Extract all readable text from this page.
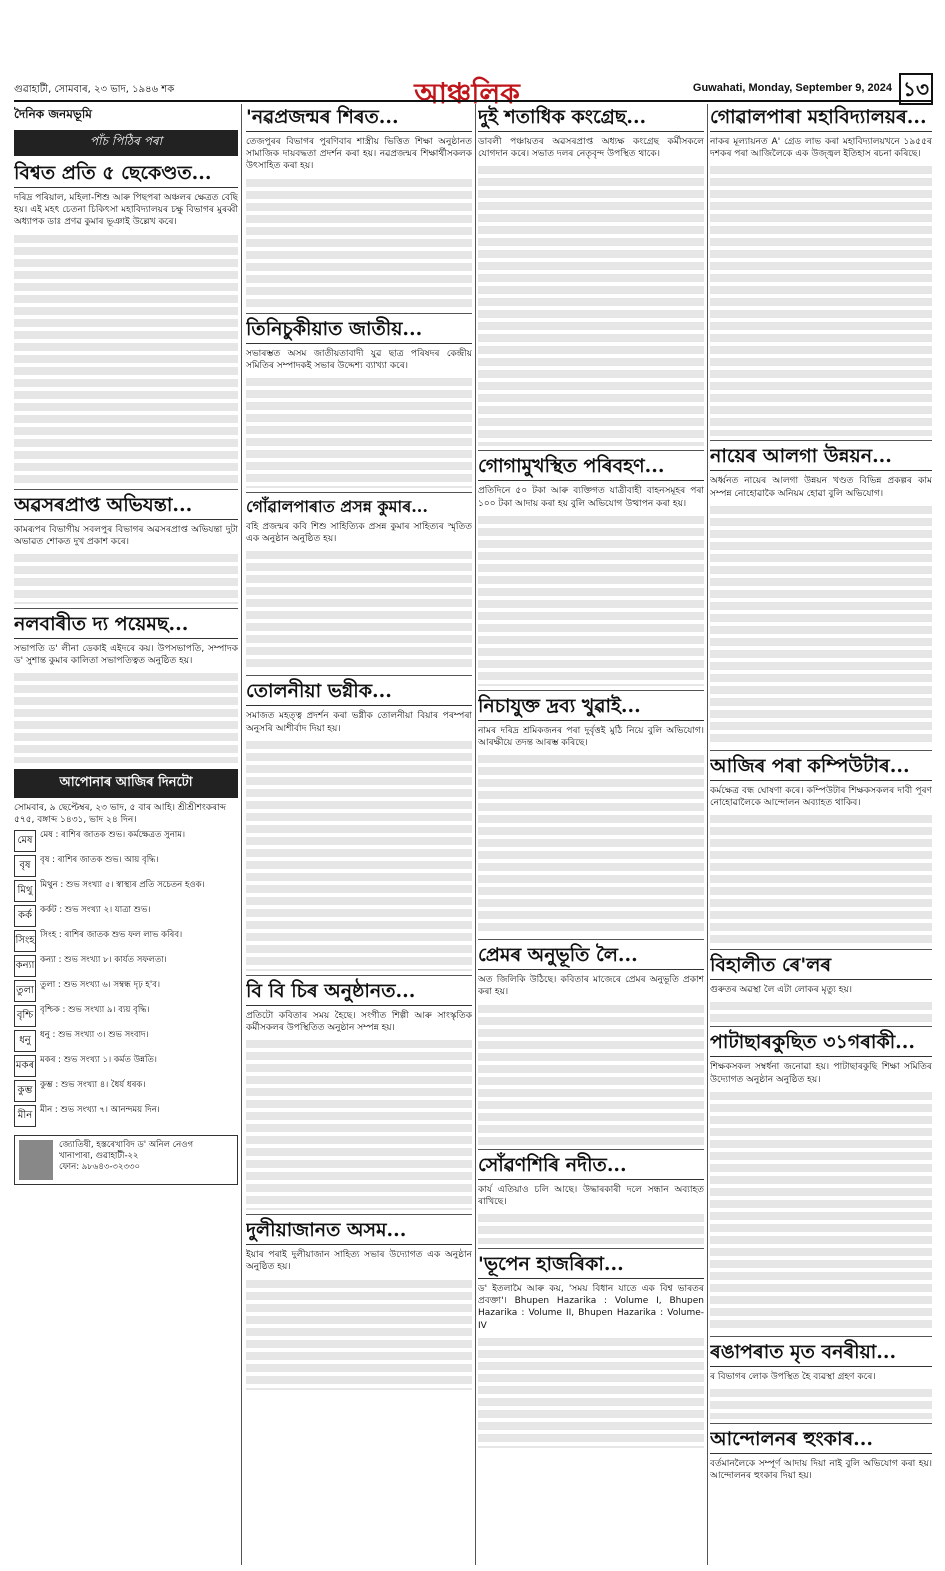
আঞ্চলিক	১৩
গুৱাহাটী, সোমবাৰ, ২৩ ভাদ, ১৯৪৬ শক	Guwahati, Monday, September 9, 2024
দৈনিক জনমভূমি
পাঁচ পিঠিৰ পৰা
বিশ্বত প্ৰতি ৫ ছেকেণ্ডত...

দৰিদ্ৰ পৰিয়াল, মহিলা-শিশু আৰু পিছপৰা অঞ্চলৰ ক্ষেত্ৰত বেছি হয়। এই মহৎ চেতনা চিকিৎসা মহাবিদ্যালয়ৰ চক্ষু বিভাগৰ মুৰব্বী অধ্যাপক ডাঃ প্ৰণৱ কুমাৰ ভূঞাই উল্লেখ কৰে।

অৱসৰপ্ৰাপ্ত অভিযন্তা...

কামৰূপৰ বিভাগীয় সবলপুৰ বিভাগৰ অৱসৰপ্ৰাপ্ত অভিযন্তা দুটা অভাৱত শোকত দুখ প্ৰকাশ কৰে।

নলবাৰীত দ্য পয়েমছ...

সভাপতি ড' লীনা ডেকাই এইদৰে কয়। উপসভাপতি, সম্পাদক ড' সুশান্ত কুমাৰ কালিতা সভাপতিত্বত অনুষ্ঠিত হয়।

আপোনাৰ আজিৰ দিনটো
সোমবাৰ, ৯ ছেপ্টেম্বৰ, ২৩ ভাদ, ৫ বাৰ আহি। শ্ৰীশ্ৰীশংকৰাব্দ ৫৭৫, বঙ্গাব্দ ১৪৩১, ভাদ ২৪ দিন।
মেষ মেষ : ৰাশিৰ জাতক শুভ। কৰ্মক্ষেত্ৰত সুনাম।
বৃষ	বৃষ : ৰাশিৰ জাতক শুভ। আয় বৃদ্ধি।
মিথু মিথুন : শুভ সংখ্যা ৫। স্বাস্থ্যৰ প্ৰতি সচেতন হওক।
কৰ্ক কৰ্কট : শুভ সংখ্যা ২। যাত্ৰা শুভ।
সিংহ সিংহ : ৰাশিৰ জাতক শুভ ফল লাভ কৰিব।
কন্যা কন্যা : শুভ সংখ্যা ৮। কাৰ্যত সফলতা।
তুলা তুলা : শুভ সংখ্যা ৬। সম্বন্ধ দৃঢ় হ'ব।
বৃশ্চি বৃশ্চিক : শুভ সংখ্যা ৯। ব্যয় বৃদ্ধি।
ধনু	ধনু : শুভ সংখ্যা ৩। শুভ সংবাদ।
মকৰ মকৰ : শুভ সংখ্যা ১। কৰ্মত উন্নতি।
কুম্ভ কুম্ভ : শুভ সংখ্যা ৪। ধৈৰ্য ধৰক।
মীন মীন : শুভ সংখ্যা ৭। আনন্দময় দিন।
জ্যোতিষী, হস্তৰেখাবিদ ড' অনিল নেওগ
খানাপাৰা, গুৱাহাটী-২২
ফোন: ৯৮৬৪৩-৩২৩৩০
'নৱপ্ৰজন্মৰ শিৰত...

তেজপুৰৰ বিভাগৰ পুৰণিবাৰ শাস্ত্ৰীয় ভিত্তিত শিক্ষা অনুষ্ঠানত সামাজিক দায়বদ্ধতা প্ৰদৰ্শন কৰা হয়। নৱপ্ৰজন্মৰ শিক্ষাৰ্থীসকলক উৎসাহিত কৰা হয়।

তিনিচুকীয়াত জাতীয়...

সভাৰম্ভত অসম জাতীয়তাবাদী যুৱ ছাত্ৰ পৰিষদৰ কেন্দ্ৰীয় সমিতিৰ সম্পাদকই সভাৰ উদ্দেশ্য ব্যাখ্যা কৰে।

গোঁৱালপাৰাত প্ৰসন্ন কুমাৰ...

বহি প্ৰজন্মৰ কবি শিশু সাহিত্যিক প্ৰসন্ন কুমাৰ সাহিত্যৰ স্মৃতিত এক অনুষ্ঠান অনুষ্ঠিত হয়।

তোলনীয়া ভগ্নীক...

সমাজত মহত্ত্ব প্ৰদৰ্শন কৰা ভগ্নীক তোলনীয়া বিয়াৰ পৰম্পৰা অনুসৰি আশীৰ্বাদ দিয়া হয়।

বি বি চিৰ অনুষ্ঠানত...

প্ৰতিটো কবিতাৰ সময় হৈছে। সংগীত শিল্পী আৰু সাংস্কৃতিক কৰ্মীসকলৰ উপস্থিতিত অনুষ্ঠান সম্পন্ন হয়।

দুলীয়াজানত অসম...

ইয়াৰ পৰাই দুলীয়াজান সাহিত্য সভাৰ উদ্যোগত এক অনুষ্ঠান অনুষ্ঠিত হয়।

দুই শতাধিক কংগ্ৰেছ...

ডাবলী পঞ্চায়তৰ অৱসৰপ্ৰাপ্ত অধ্যক্ষ কংগ্ৰেছ কৰ্মীসকলে যোগদান কৰে। সভাত দলৰ নেতৃবৃন্দ উপস্থিত থাকে।

গোগামুখস্থিত পৰিবহণ...

প্ৰতিদিনে ৫০ টকা আৰু ব্যক্তিগত যাত্ৰীবাহী বাহনসমূহৰ পৰা ১০০ টকা আদায় কৰা হয় বুলি অভিযোগ উত্থাপন কৰা হয়।

নিচাযুক্ত দ্ৰব্য খুৱাই...

নামৰ দৰিদ্ৰ শ্ৰমিকজনৰ পৰা দুৰ্বৃত্তই মুঠি নিয়ে বুলি অভিযোগ। আৰক্ষীয়ে তদন্ত আৰম্ভ কৰিছে।

প্ৰেমৰ অনুভূতি লৈ...

অত জিলিকি উঠিছে। কবিতাৰ মাজেৰে প্ৰেমৰ অনুভূতি প্ৰকাশ কৰা হয়।

সোঁৱণশিৰি নদীত...

কাৰ্য এতিয়াও চলি আছে। উদ্ধাৰকাৰী দলে সন্ধান অব্যাহত ৰাখিছে।

'ভূপেন হাজৰিকা...

ড' ইতলামৈ আৰু কয়, 'সময় বিধান যাতে এক বিশ্ব ভাৰতৰ প্ৰবক্তা'। Bhupen Hazarika : Volume I, Bhupen Hazarika : Volume II, Bhupen Hazarika : Volume-IV

গোৱালপাৰা মহাবিদ্যালয়ৰ...

নাকৰ মূল্যায়নত A' গ্ৰেড লাভ কৰা মহাবিদ্যালয়খনে ১৯৫৫ৰ দশকৰ পৰা আজিলৈকে এক উজ্জ্বল ইতিহাস ৰচনা কৰিছে।

নায়েৰ আলগা উন্নয়ন...

অৰ্ধ্বনত নায়েৰ আলগা উন্নয়ন খণ্ডত বিভিন্ন প্ৰকল্পৰ কাম সম্পন্ন নোহোৱাকৈ অনিয়ম হোৱা বুলি অভিযোগ।

আজিৰ পৰা কম্পিউটাৰ...

কৰ্মক্ষেত্ৰ বন্ধ ঘোষণা কৰে। কম্পিউটাৰ শিক্ষকসকলৰ দাবী পূৰণ নোহোৱালৈকে আন্দোলন অব্যাহত থাকিব।

বিহালীত ৰে'লৰ

গুৰুতৰ অৱস্থা লৈ এটা লোকৰ মৃত্যু হয়।

পাটাছাৰকুছিত ৩১গৰাকী...

শিক্ষকসকল সম্বৰ্ধনা জনোৱা হয়। পাটাছাৰকুছি শিক্ষা সমিতিৰ উদ্যোগত অনুষ্ঠান অনুষ্ঠিত হয়।

ৰঙাপৰাত মৃত বনৰীয়া...

ৰ বিভাগৰ লোক উপস্থিত হৈ ব্যৱস্থা গ্ৰহণ কৰে।

আন্দোলনৰ হুংকাৰ...

বৰ্তমানলৈকে সম্পূৰ্ণ আদায় দিয়া নাই বুলি অভিযোগ কৰা হয়। আন্দোলনৰ হুংকাৰ দিয়া হয়।
